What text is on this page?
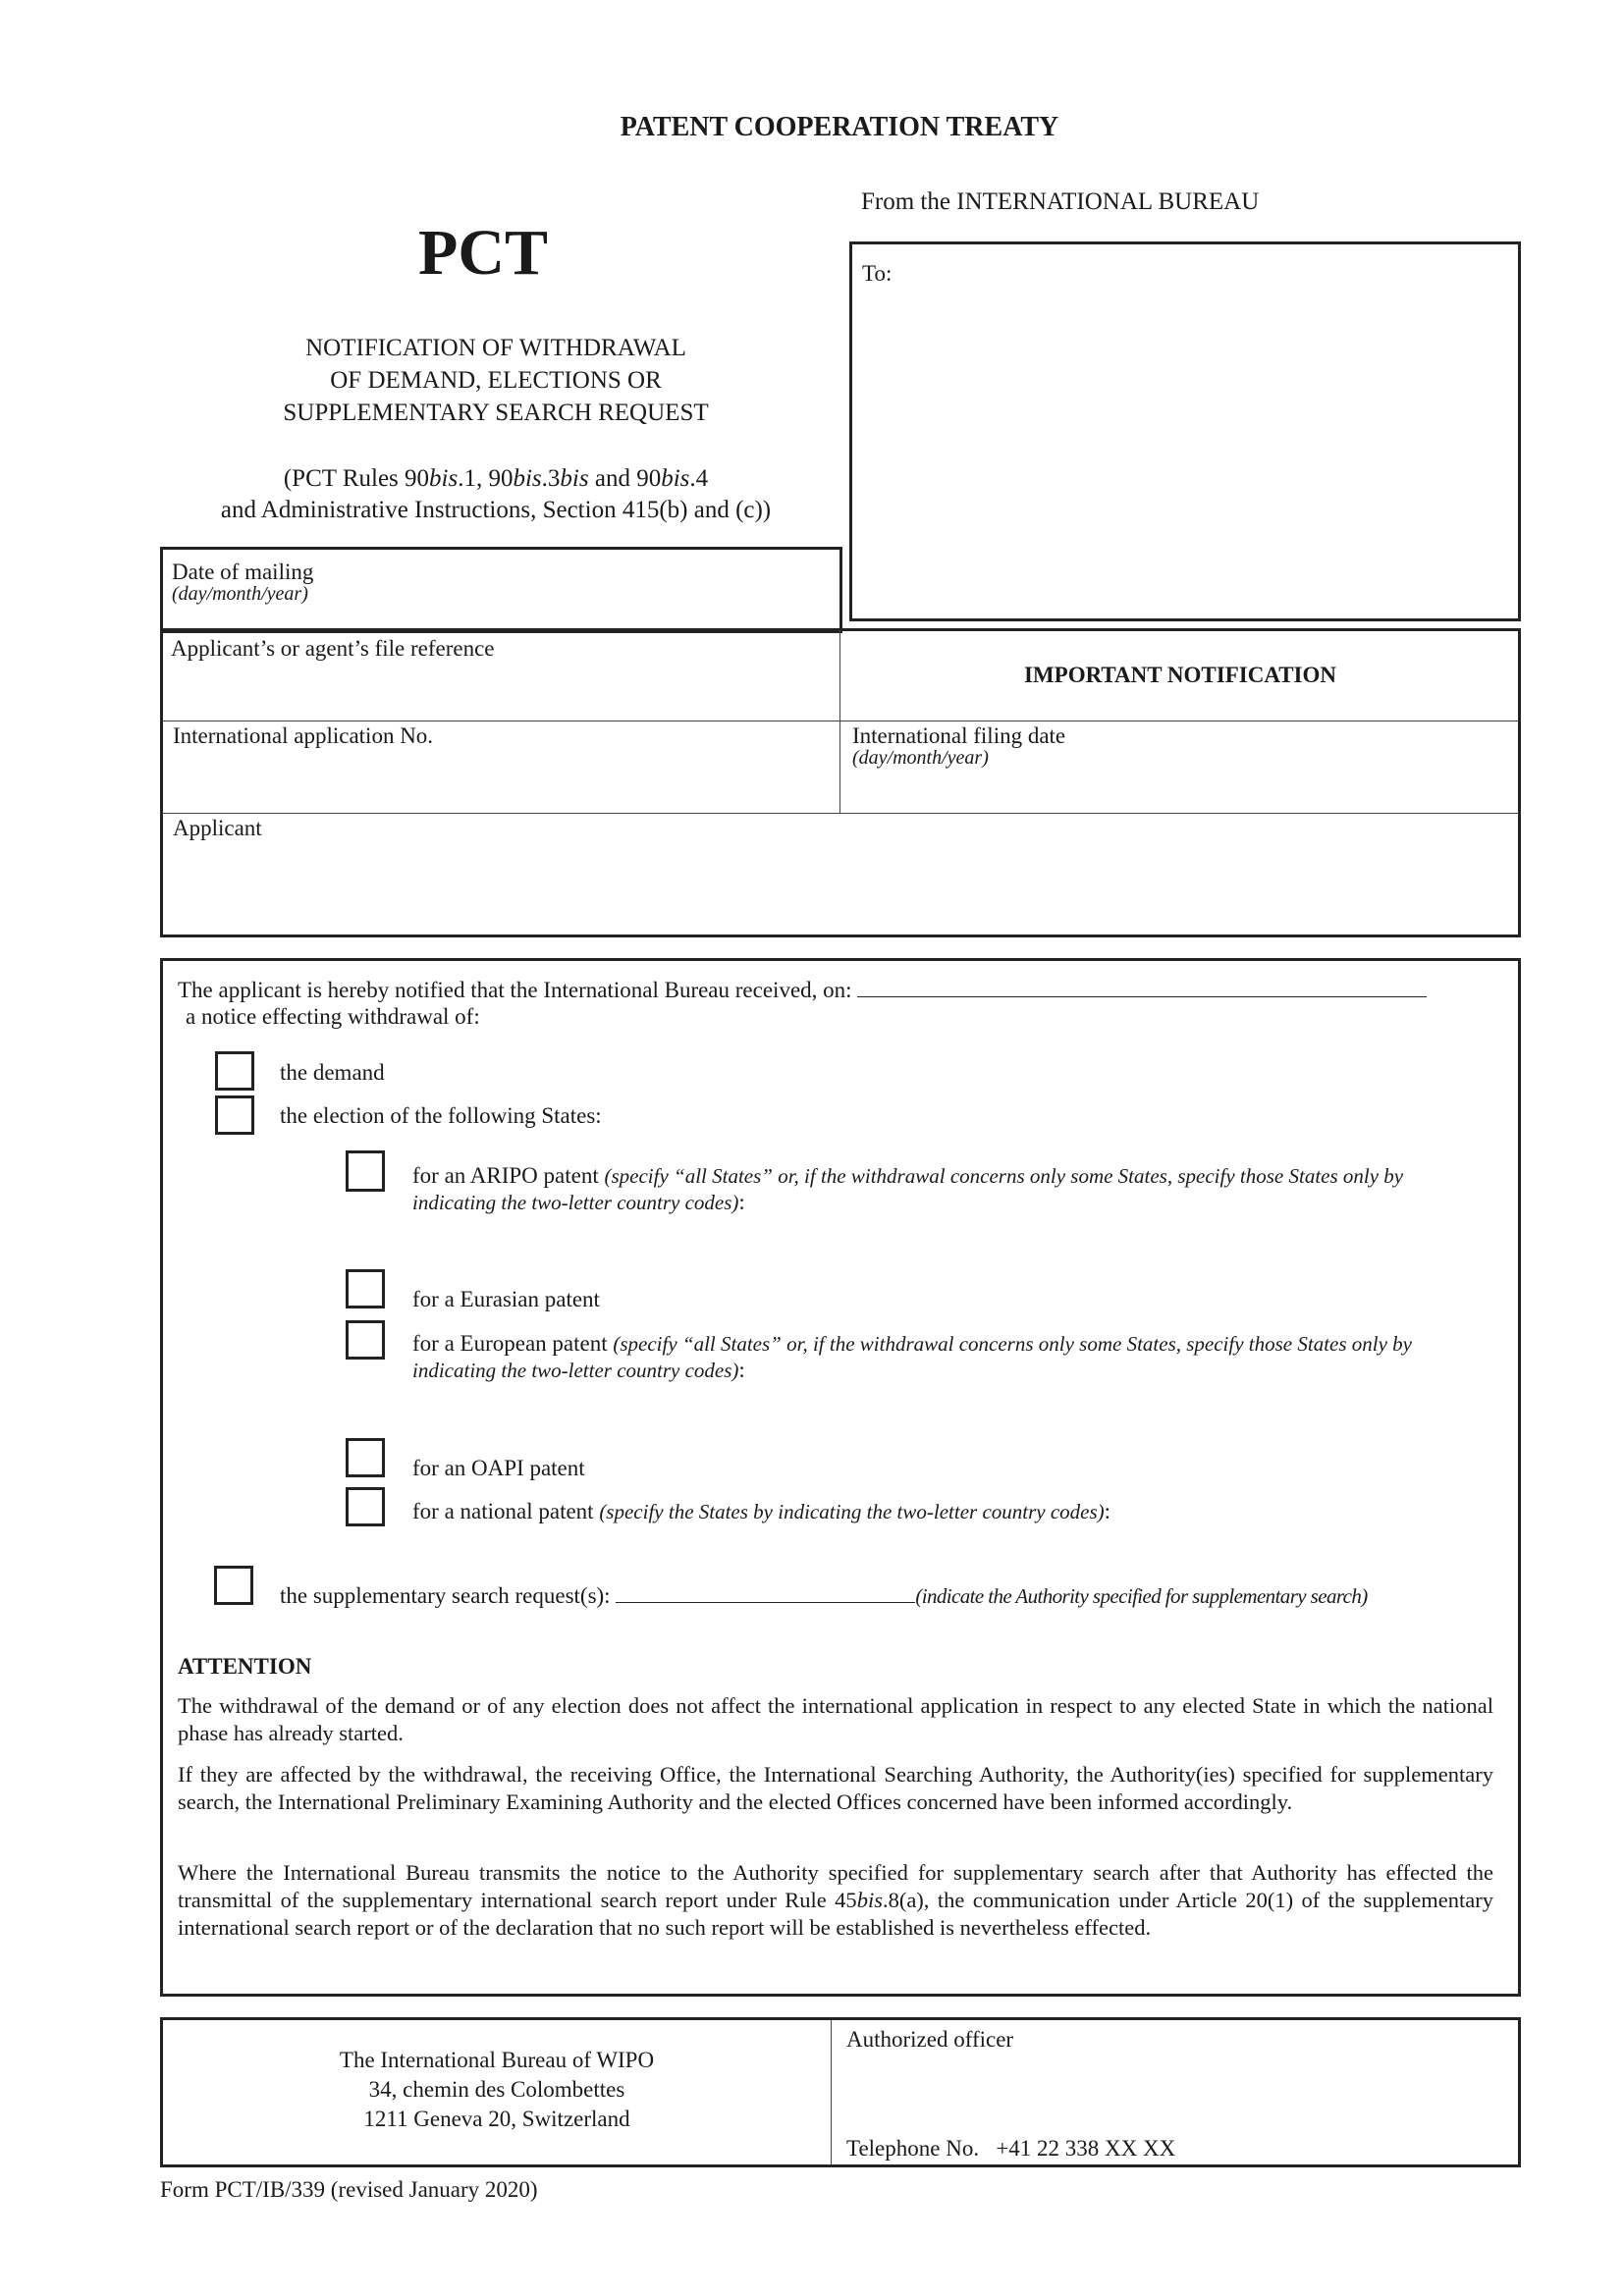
PATENT COOPERATION TREATY
From the INTERNATIONAL BUREAU
PCT
NOTIFICATION OF WITHDRAWAL
OF DEMAND, ELECTIONS OR
SUPPLEMENTARY SEARCH REQUEST
(PCT Rules 90bis.1, 90bis.3bis and 90bis.4
and Administrative Instructions, Section 415(b) and (c))
To:
Date of mailing
(day/month/year)
Applicant’s or agent’s file reference
IMPORTANT NOTIFICATION
International application No.	International filing date
(day/month/year)
Applicant
The applicant is hereby notified that the International Bureau received, on:
a notice effecting withdrawal of:
the demand
the election of the following States:
for an ARIPO patent (specify “all States” or, if the withdrawal concerns only some States, specify those States only by
indicating the two-letter country codes):
for a Eurasian patent
for a European patent (specify “all States” or, if the withdrawal concerns only some States, specify those States only by
indicating the two-letter country codes):
for an OAPI patent
for a national patent (specify the States by indicating the two-letter country codes):
the supplementary search request(s):	(indicate the Authority specified for supplementary search)
ATTENTION
The withdrawal of the demand or of any election does not affect the international application in respect to any elected State in which the national phase has already started.
If they are affected by the withdrawal, the receiving Office, the International Searching Authority, the Authority(ies) specified for supplementary search, the International Preliminary Examining Authority and the elected Offices concerned have been informed accordingly.
Where the International Bureau transmits the notice to the Authority specified for supplementary search after that Authority has effected the transmittal of the supplementary international search report under Rule 45bis.8(a), the communication under Article 20(1) of the supplementary international search report or of the declaration that no such report will be established is nevertheless effected.
The International Bureau of WIPO
34, chemin des Colombettes
1211 Geneva 20, Switzerland
Authorized officer
Telephone No. +41 22 338 XX XX
Form PCT/IB/339 (revised January 2020)
